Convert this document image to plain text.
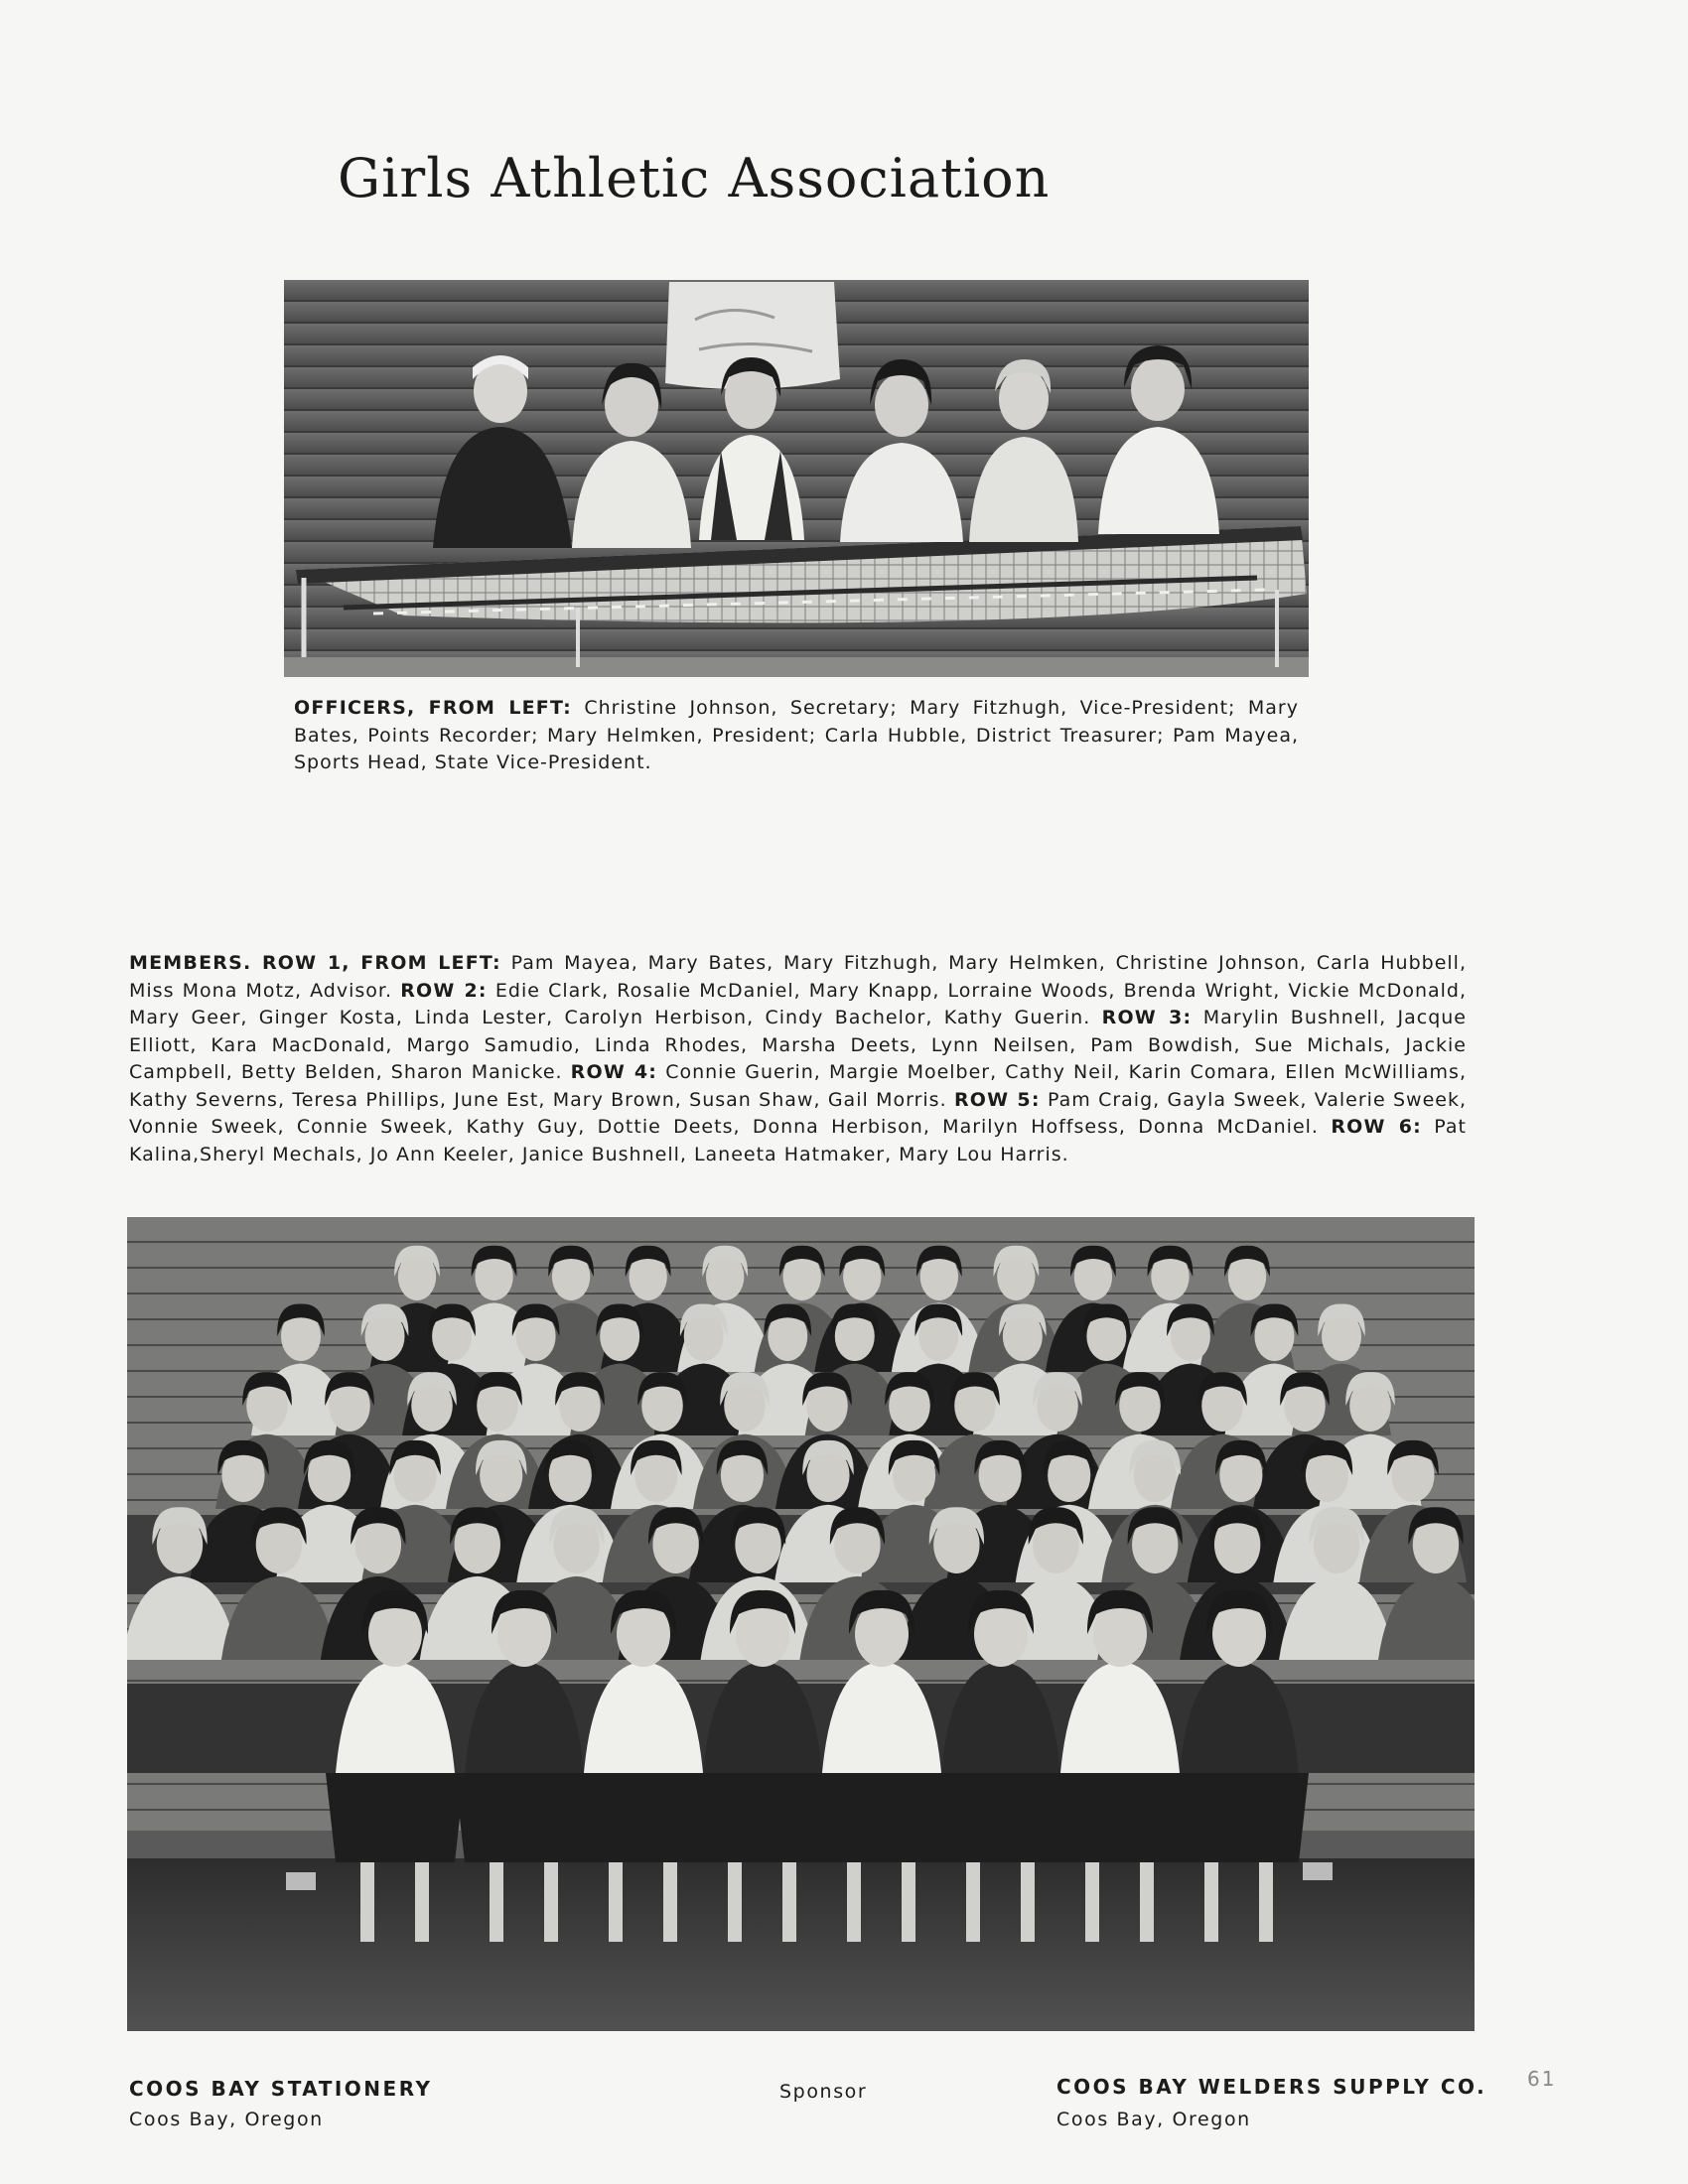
Girls Athletic Association
OFFICERS, FROM LEFT: Christine Johnson, Secretary; Mary Fitzhugh, Vice-President; Mary Bates, Points Recorder; Mary Helmken, President; Carla Hubble, District Treasurer; Pam Mayea, Sports Head, State Vice-President.
MEMBERS. ROW 1, FROM LEFT: Pam Mayea, Mary Bates, Mary Fitzhugh, Mary Helmken, Christine Johnson, Carla Hubbell, Miss Mona Motz, Advisor. ROW 2: Edie Clark, Rosalie McDaniel, Mary Knapp, Lorraine Woods, Brenda Wright, Vickie McDonald, Mary Geer, Ginger Kosta, Linda Lester, Carolyn Herbison, Cindy Bachelor, Kathy Guerin. ROW 3: Marylin Bushnell, Jacque Elliott, Kara MacDonald, Margo Samudio, Linda Rhodes, Marsha Deets, Lynn Neilsen, Pam Bowdish, Sue Michals, Jackie Campbell, Betty Belden, Sharon Manicke. ROW 4: Connie Guerin, Margie Moelber, Cathy Neil, Karin Comara, Ellen McWilliams, Kathy Severns, Teresa Phillips, June Est, Mary Brown, Susan Shaw, Gail Morris. ROW 5: Pam Craig, Gayla Sweek, Valerie Sweek, Vonnie Sweek, Connie Sweek, Kathy Guy, Dottie Deets, Donna Herbison, Marilyn Hoffsess, Donna McDaniel. ROW 6: Pat Kalina,Sheryl Mechals, Jo Ann Keeler, Janice Bushnell, Laneeta Hatmaker, Mary Lou Harris.
COOS BAY STATIONERY
Coos Bay, Oregon
Sponsor	COOS BAY WELDERS SUPPLY CO.
Coos Bay, Oregon
61
